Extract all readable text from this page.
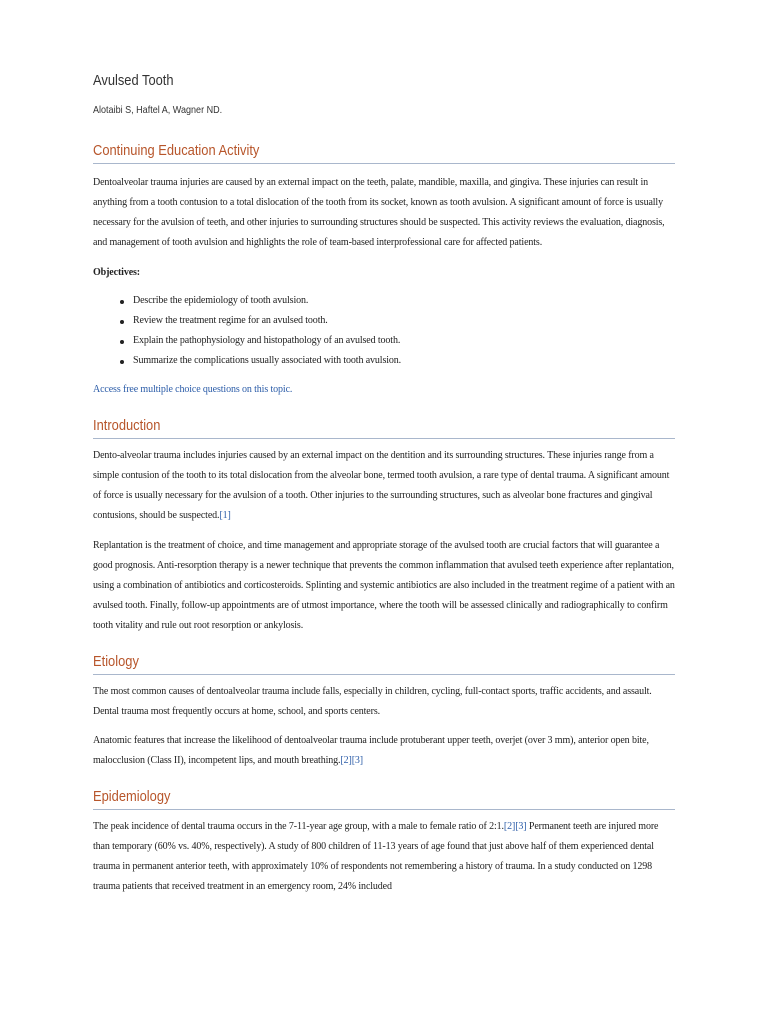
Avulsed Tooth
Alotaibi S, Haftel A, Wagner ND.
Continuing Education Activity

Dentoalveolar trauma injuries are caused by an external impact on the teeth, palate, mandible, maxilla, and gingiva. These injuries can result in anything from a tooth contusion to a total dislocation of the tooth from its socket, known as tooth avulsion. A significant amount of force is usually necessary for the avulsion of teeth, and other injuries to surrounding structures should be suspected. This activity reviews the evaluation, diagnosis, and management of tooth avulsion and highlights the role of team-based interprofessional care for affected patients.

Objectives:

Describe the epidemiology of tooth avulsion.
Review the treatment regime for an avulsed tooth.
Explain the pathophysiology and histopathology of an avulsed tooth.
Summarize the complications usually associated with tooth avulsion.

Access free multiple choice questions on this topic.

Introduction

Dento-alveolar trauma includes injuries caused by an external impact on the dentition and its surrounding structures. These injuries range from a simple contusion of the tooth to its total dislocation from the alveolar bone, termed tooth avulsion, a rare type of dental trauma. A significant amount of force is usually necessary for the avulsion of a tooth. Other injuries to the surrounding structures, such as alveolar bone fractures and gingival contusions, should be suspected.[1]

Replantation is the treatment of choice, and time management and appropriate storage of the avulsed tooth are crucial factors that will guarantee a good prognosis. Anti-resorption therapy is a newer technique that prevents the common inflammation that avulsed teeth experience after replantation, using a combination of antibiotics and corticosteroids. Splinting and systemic antibiotics are also included in the treatment regime of a patient with an avulsed tooth. Finally, follow-up appointments are of utmost importance, where the tooth will be assessed clinically and radiographically to confirm tooth vitality and rule out root resorption or ankylosis.

Etiology

The most common causes of dentoalveolar trauma include falls, especially in children, cycling, full-contact sports, traffic accidents, and assault. Dental trauma most frequently occurs at home, school, and sports centers.

Anatomic features that increase the likelihood of dentoalveolar trauma include protuberant upper teeth, overjet (over 3 mm), anterior open bite, malocclusion (Class II), incompetent lips, and mouth breathing.[2][3]

Epidemiology

The peak incidence of dental trauma occurs in the 7-11-year age group, with a male to female ratio of 2:1.[2][3] Permanent teeth are injured more than temporary (60% vs. 40%, respectively). A study of 800 children of 11-13 years of age found that just above half of them experienced dental trauma in permanent anterior teeth, with approximately 10% of respondents not remembering a history of trauma. In a study conducted on 1298 trauma patients that received treatment in an emergency room, 24% included
